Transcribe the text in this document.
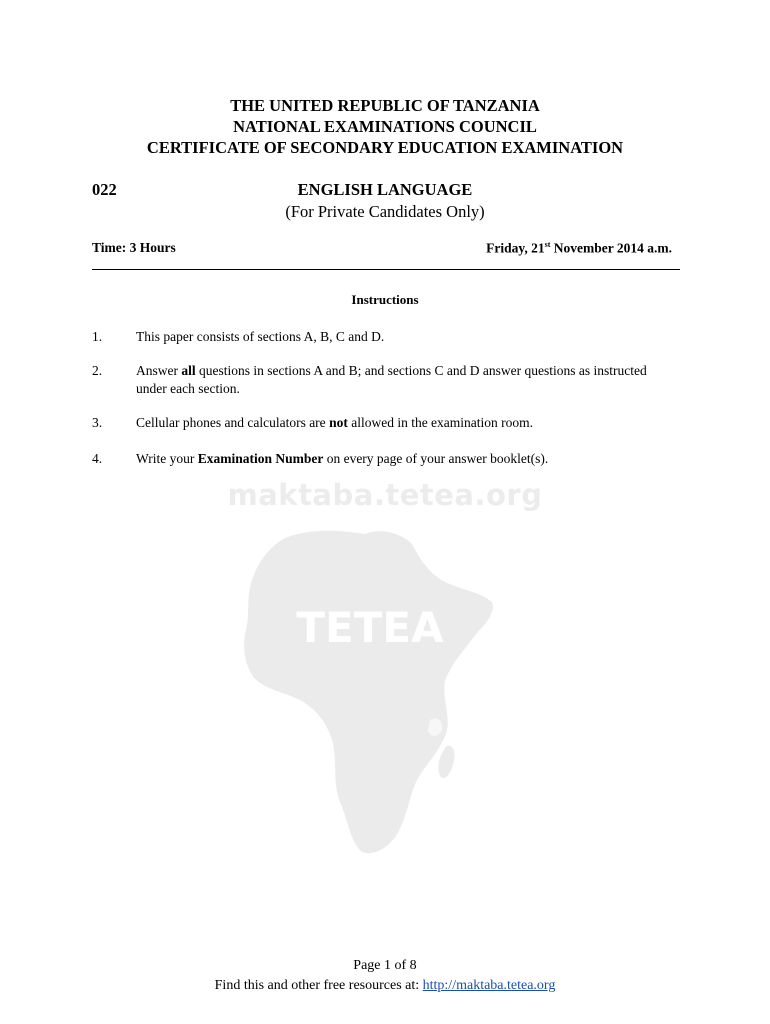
TETEA
maktaba.tetea.org
THE UNITED REPUBLIC OF TANZANIA
NATIONAL EXAMINATIONS COUNCIL
CERTIFICATE OF SECONDARY EDUCATION EXAMINATION
ENGLISH LANGUAGE
022
(For Private Candidates Only)
Time: 3 Hours	Friday, 21st November 2014 a.m.
Instructions
1.	This paper consists of sections A, B, C and D.
2.	Answer all questions in sections A and B; and sections C and D answer questions as instructed under each section.
3.	Cellular phones and calculators are not allowed in the examination room.
4.	Write your Examination Number on every page of your answer booklet(s).
Page 1 of 8
Find this and other free resources at: http://maktaba.tetea.org
